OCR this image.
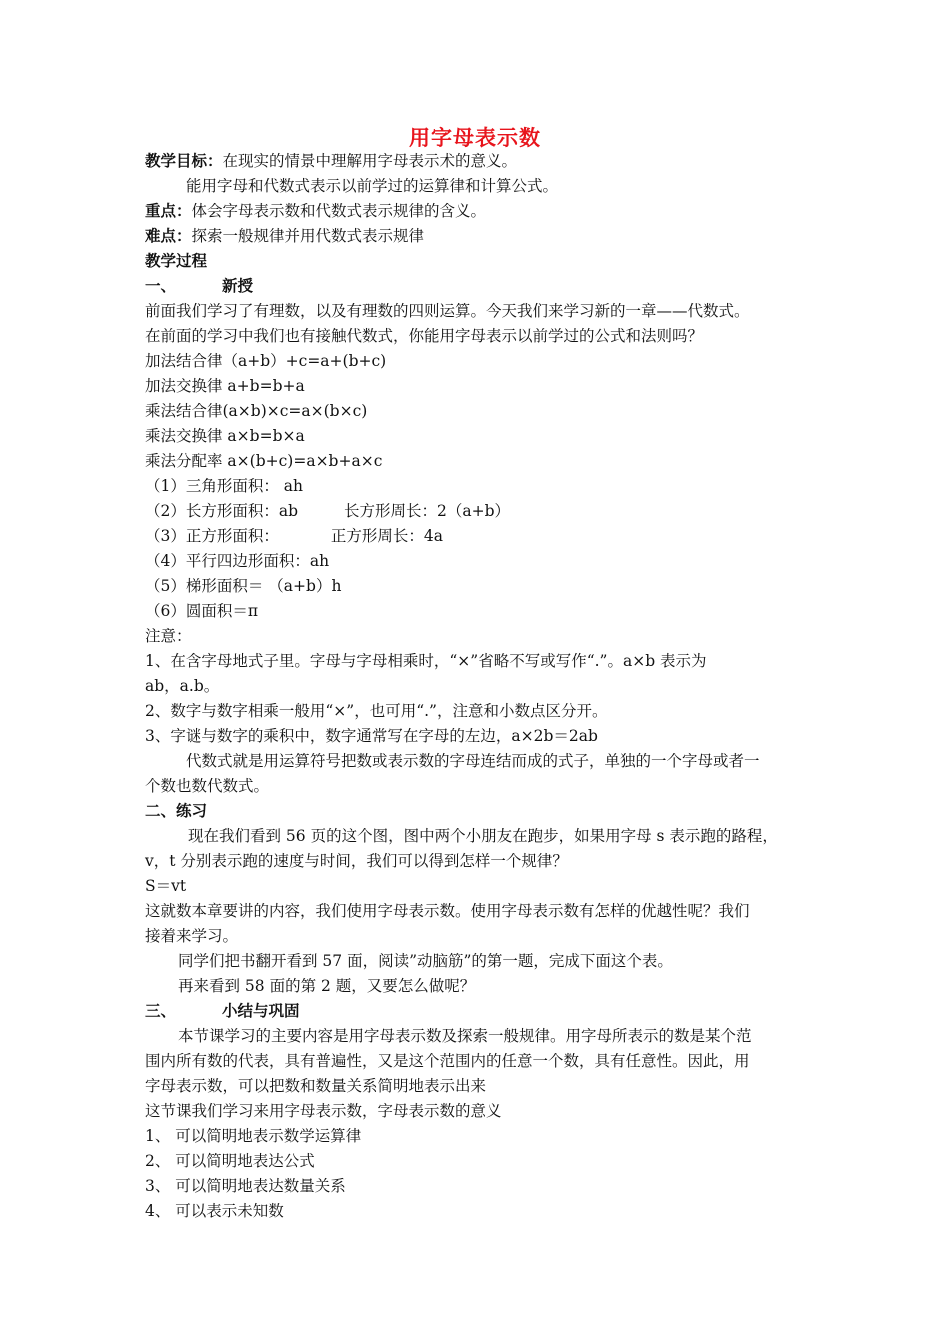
用字母表示数
教学目标：在现实的情景中理解用字母表示术的意义。
能用字母和代数式表示以前学过的运算律和计算公式。
重点：体会字母表示数和代数式表示规律的含义。
难点：探索一般规律并用代数式表示规律
教学过程
一、	新授
前面我们学习了有理数，以及有理数的四则运算。今天我们来学习新的一章——代数式。
在前面的学习中我们也有接触代数式，你能用字母表示以前学过的公式和法则吗？
加法结合律（a+b）+c=a+(b+c)
加法交换律 a+b=b+a
乘法结合律(a×b)×c=a×(b×c)
乘法交换律 a×b=b×a
乘法分配率 a×(b+c)=a×b+a×c
（1）三角形面积： ah
（2）长方形面积：ab	长方形周长：2（a+b）
（3）正方形面积：	正方形周长：4a
（4）平行四边形面积：ah
（5）梯形面积＝ （a+b）h
（6）圆面积＝π
注意：
1、在含字母地式子里。字母与字母相乘时，“×”省略不写或写作“.”。a×b 表示为
ab，a.b。
2、数字与数字相乘一般用“×”，也可用“.”，注意和小数点区分开。
3、字谜与数字的乘积中，数字通常写在字母的左边，a×2b＝2ab
代数式就是用运算符号把数或表示数的字母连结而成的式子，单独的一个字母或者一
个数也数代数式。
二、练习
现在我们看到 56 页的这个图，图中两个小朋友在跑步，如果用字母 s 表示跑的路程，
v，t 分别表示跑的速度与时间，我们可以得到怎样一个规律？
S＝vt
这就数本章要讲的内容，我们使用字母表示数。使用字母表示数有怎样的优越性呢？我们
接着来学习。
同学们把书翻开看到 57 面，阅读”动脑筋”的第一题，完成下面这个表。
再来看到 58 面的第 2 题，又要怎么做呢？
三、	小结与巩固
本节课学习的主要内容是用字母表示数及探索一般规律。用字母所表示的数是某个范
围内所有数的代表，具有普遍性，又是这个范围内的任意一个数，具有任意性。因此，用
字母表示数，可以把数和数量关系简明地表示出来
这节课我们学习来用字母表示数，字母表示数的意义
1、 可以简明地表示数学运算律
2、 可以简明地表达公式
3、 可以简明地表达数量关系
4、 可以表示未知数
